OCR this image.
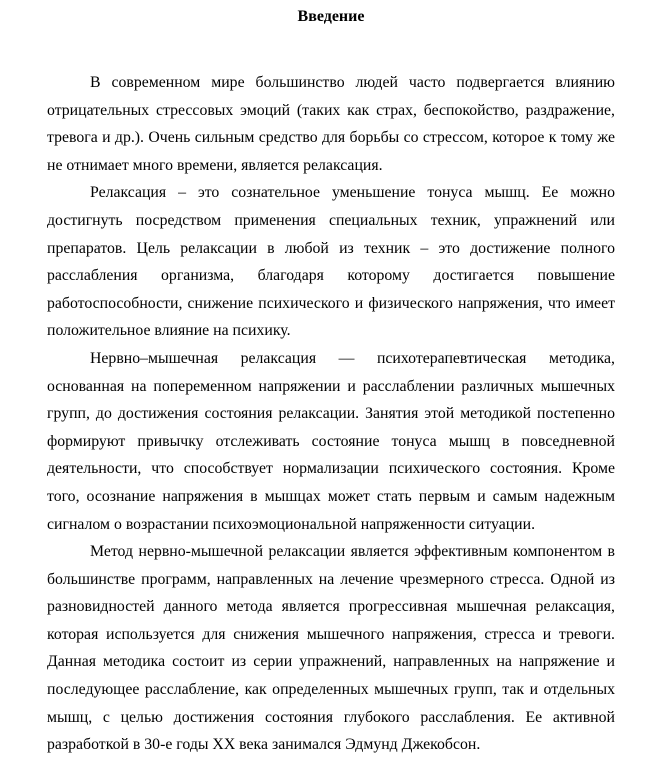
Введение

В современном мире большинство людей часто подвергается влиянию отрицательных стрессовых эмоций (таких как страх, беспокойство, раздражение, тревога и др.). Очень сильным средство для борьбы со стрессом, которое к тому же не отнимает много времени, является релаксация.

Релаксация – это сознательное уменьшение тонуса мышц. Ее можно достигнуть посредством применения специальных техник, упражнений или препаратов. Цель релаксации в любой из техник – это достижение полного расслабления организма, благодаря которому достигается повышение работоспособности, снижение психического и физического напряжения, что имеет положительное влияние на психику.

Нервно–мышечная релаксация — психотерапевтическая методика, основанная на попеременном напряжении и расслаблении различных мышечных групп, до достижения состояния релаксации. Занятия этой методикой постепенно формируют привычку отслеживать состояние тонуса мышц в повседневной деятельности, что способствует нормализации психического состояния. Кроме того, осознание напряжения в мышцах может стать первым и самым надежным сигналом о возрастании психоэмоциональной напряженности ситуации.

Метод нервно-мышечной релаксации является эффективным компонентом в большинстве программ, направленных на лечение чрезмерного стресса. Одной из разновидностей данного метода является прогрессивная мышечная релаксация, которая используется для снижения мышечного напряжения, стресса и тревоги. Данная методика состоит из серии упражнений, направленных на напряжение и последующее расслабление, как определенных мышечных групп, так и отдельных мышц, с целью достижения состояния глубокого расслабления. Ее активной разработкой в 30-е годы XX века занимался Эдмунд Джекобсон.
